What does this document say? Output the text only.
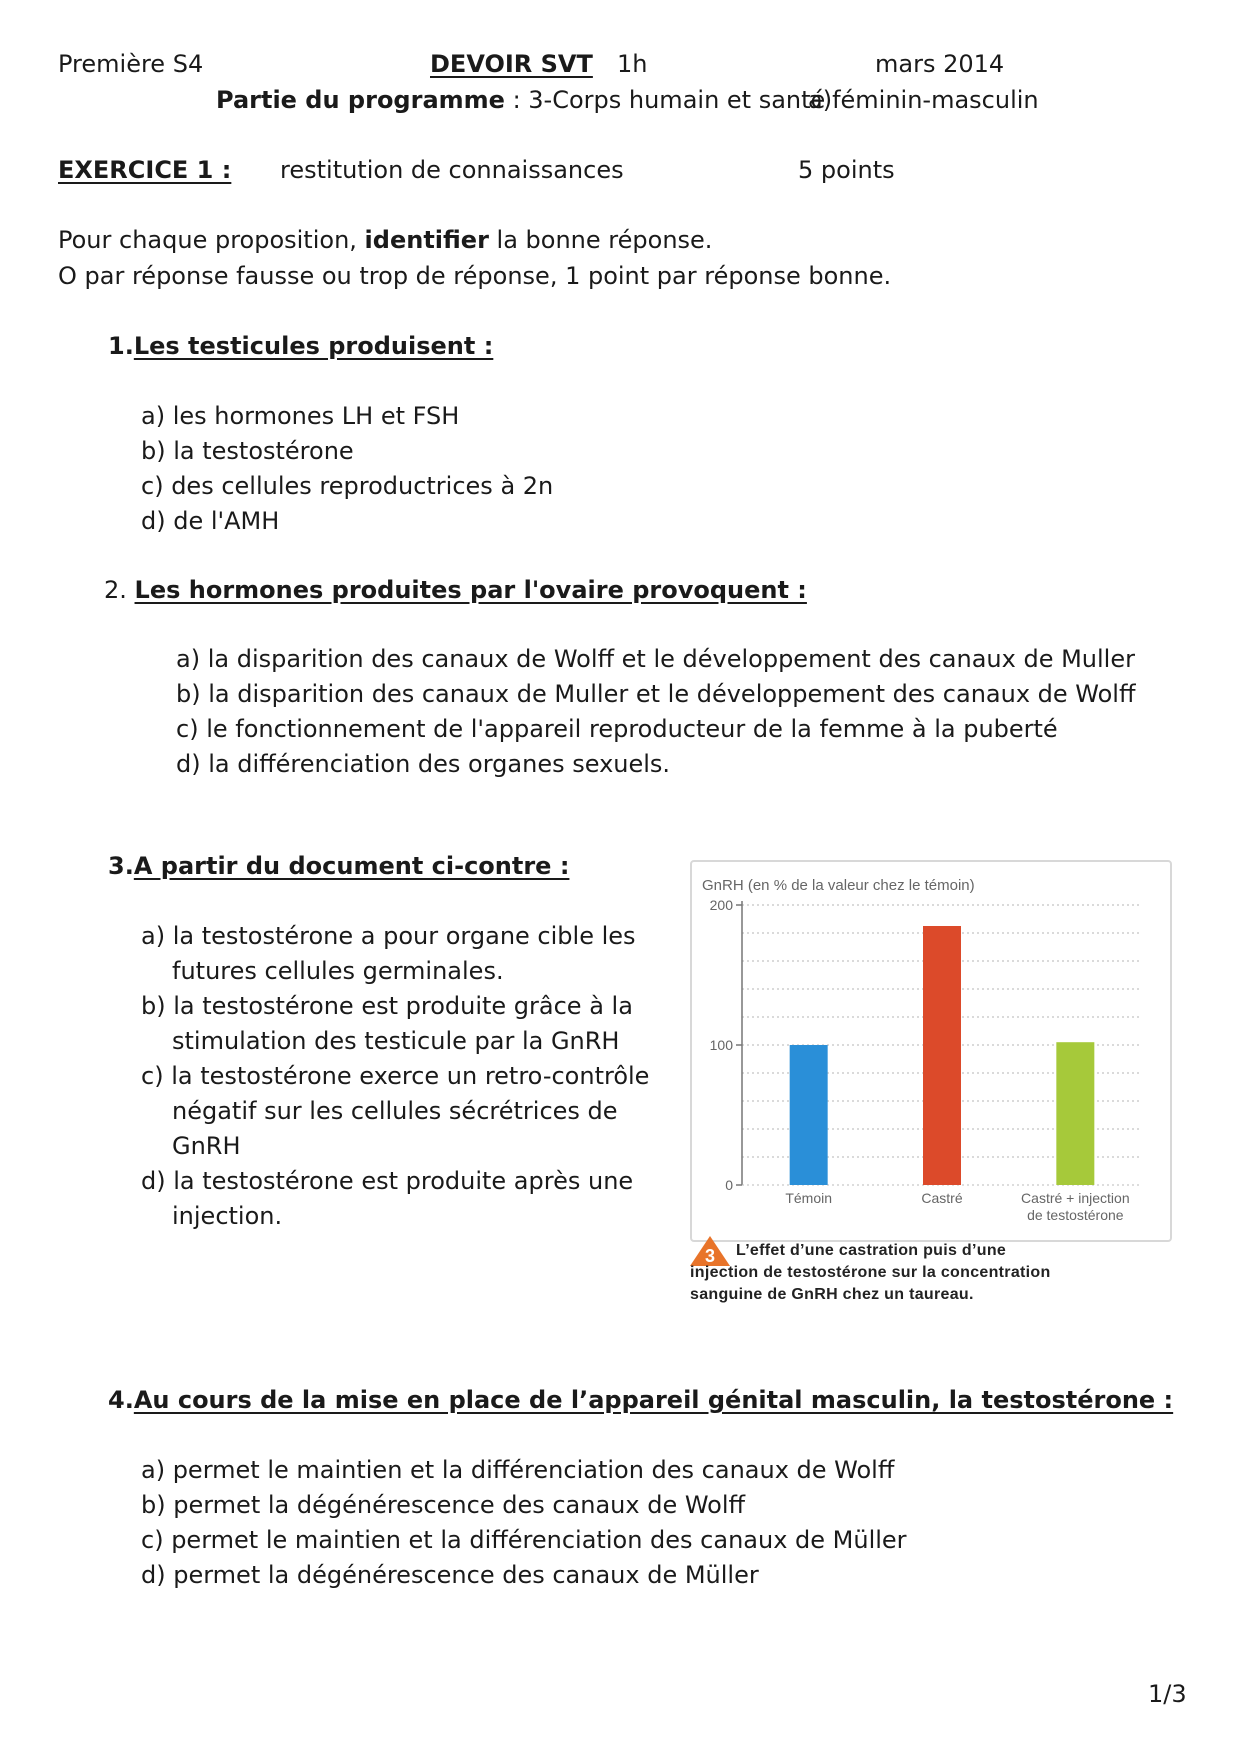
Première S4	DEVOIR SVT 1h	mars 2014
Partie du programme : 3-Corps humain et santé
a)féminin-masculin
EXERCICE 1 : restitution de connaissances	5 points
Pour chaque proposition, identifier la bonne réponse.
O par réponse fausse ou trop de réponse, 1 point par réponse bonne.
1.Les testicules produisent :
a) les hormones LH et FSH
b) la testostérone
c) des cellules reproductrices à 2n
d) de l'AMH
2. Les hormones produites par l'ovaire provoquent :
a) la disparition des canaux de Wolff et le développement des canaux de Muller
b) la disparition des canaux de Muller et le développement des canaux de Wolff
c) le fonctionnement de l'appareil reproducteur de la femme à la puberté
d) la différenciation des organes sexuels.
3.A partir du document ci-contre :
a) la testostérone a pour organe cible les
futures cellules germinales.
b) la testostérone est produite grâce à la
stimulation des testicule par la GnRH
c) la testostérone exerce un retro-contrôle
négatif sur les cellules sécrétrices de
GnRH
d) la testostérone est produite après une
injection.
GnRH (en % de la valeur chez le témoin)
0
100
200
Témoin	Castré	Castré + injection
de testostérone
3 L’effet d’une castration puis d’une
injection de testostérone sur la concentration
sanguine de GnRH chez un taureau.
4.Au cours de la mise en place de l’appareil génital masculin, la testostérone :
a) permet le maintien et la différenciation des canaux de Wolff
b) permet la dégénérescence des canaux de Wolff
c) permet le maintien et la différenciation des canaux de Müller
d) permet la dégénérescence des canaux de Müller
1/3
